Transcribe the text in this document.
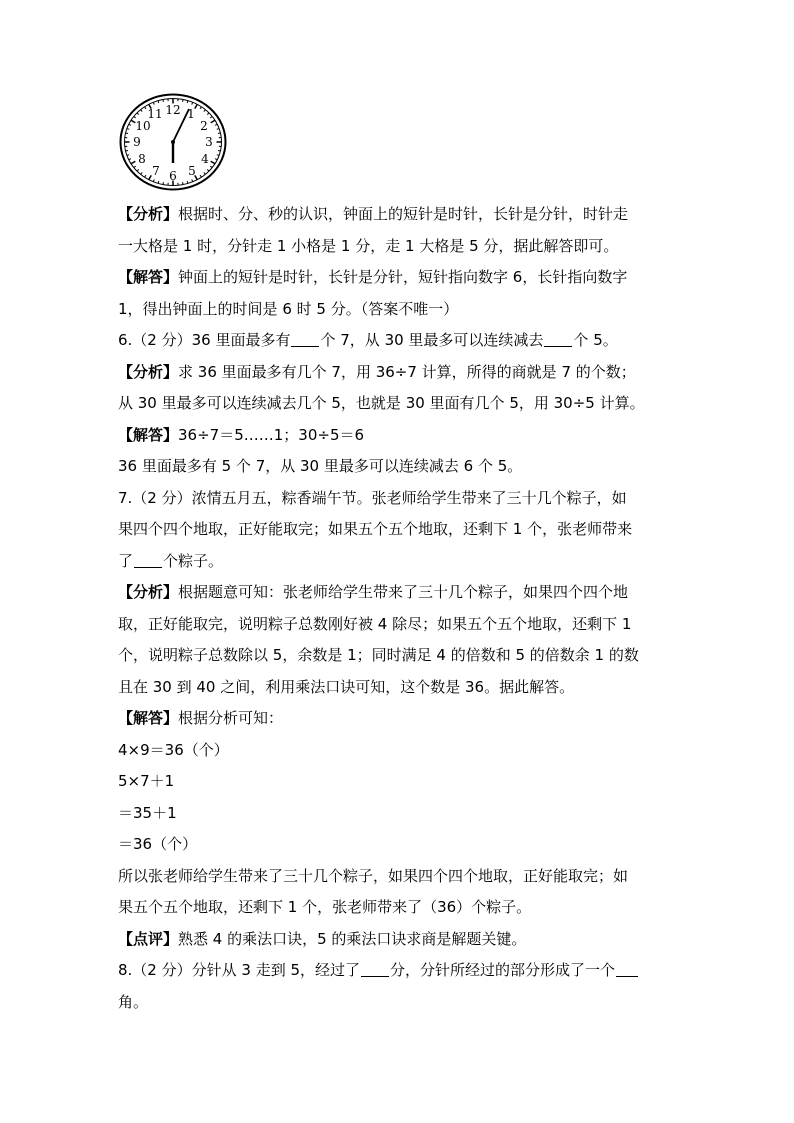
12 1
2
3
4
5
6
7
8
9
10
11

【分析】根据时、分、秒的认识，钟面上的短针是时针，长针是分针，时针走

一大格是 1 时，分针走 1 小格是 1 分，走 1 大格是 5 分，据此解答即可。

【解答】钟面上的短针是时针，长针是分针，短针指向数字 6，长针指向数字

1，得出钟面上的时间是 6 时 5 分。（答案不唯一）

6.（2 分）36 里面最多有 个 7，从 30 里最多可以连续减去 个 5。

【分析】求 36 里面最多有几个 7，用 36÷7 计算，所得的商就是 7 的个数；

从 30 里最多可以连续减去几个 5，也就是 30 里面有几个 5，用 30÷5 计算。

【解答】36÷7＝5……1；30÷5＝6

36 里面最多有 5 个 7，从 30 里最多可以连续减去 6 个 5。

7.（2 分）浓情五月五，粽香端午节。张老师给学生带来了三十几个粽子，如

果四个四个地取，正好能取完；如果五个五个地取，还剩下 1 个，张老师带来

了 个粽子。

【分析】根据题意可知：张老师给学生带来了三十几个粽子，如果四个四个地

取，正好能取完，说明粽子总数刚好被 4 除尽；如果五个五个地取，还剩下 1

个，说明粽子总数除以 5，余数是 1；同时满足 4 的倍数和 5 的倍数余 1 的数

且在 30 到 40 之间，利用乘法口诀可知，这个数是 36。据此解答。

【解答】根据分析可知：

4×9＝36（个）

5×7＋1

＝35＋1

＝36（个）

所以张老师给学生带来了三十几个粽子，如果四个四个地取，正好能取完；如

果五个五个地取，还剩下 1 个，张老师带来了（36）个粽子。

【点评】熟悉 4 的乘法口诀，5 的乘法口诀求商是解题关键。

8.（2 分）分针从 3 走到 5，经过了 分，分针所经过的部分形成了一个

角。
